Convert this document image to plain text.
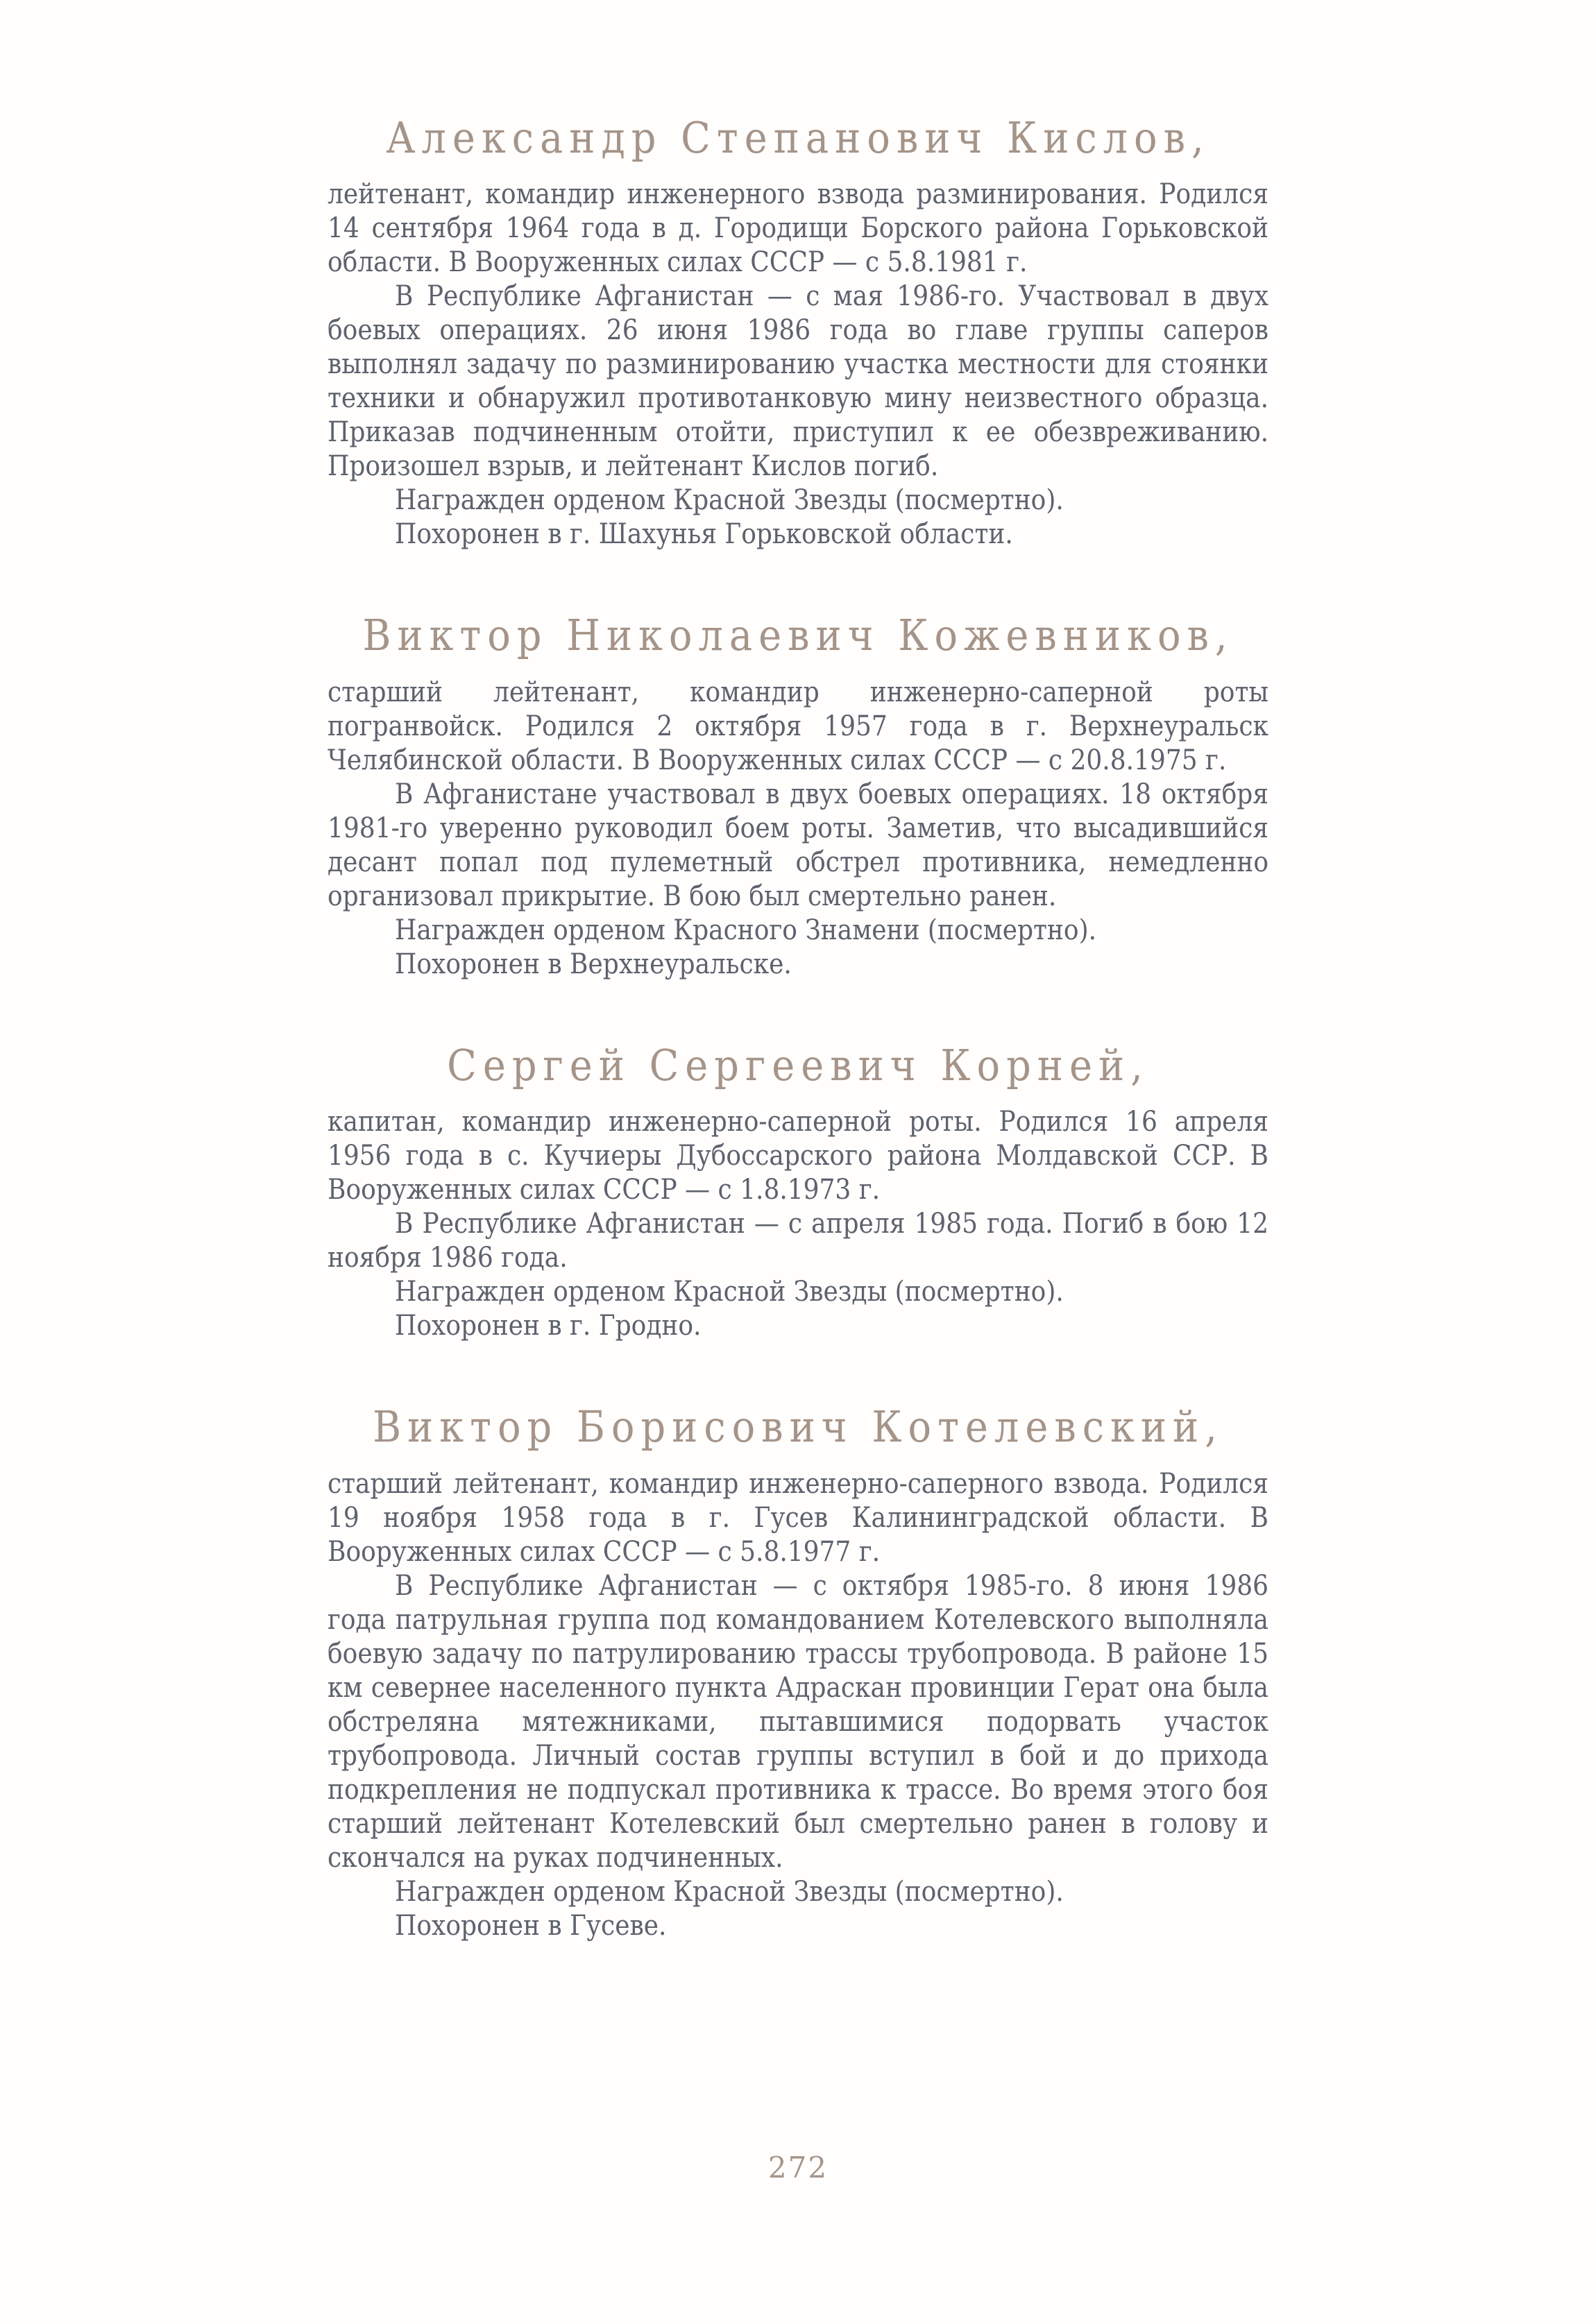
Александр Степанович Кислов,

лейтенант, командир инженерного взвода разминирования. Родился 14 сентября 1964 года в д. Городищи Борского района Горьковской области. В Вооруженных силах СССР — с 5.8.1981 г.

В Республике Афганистан — с мая 1986-го. Участвовал в двух боевых операциях. 26 июня 1986 года во главе группы саперов выполнял задачу по разминированию участка местности для стоянки техники и обнаружил противотанковую мину неизвестного образца. Приказав подчиненным отойти, приступил к ее обезвреживанию. Произошел взрыв, и лейтенант Кислов погиб.

Награжден орденом Красной Звезды (посмертно).

Похоронен в г. Шахунья Горьковской области.

Виктор Николаевич Кожевников,

старший лейтенант, командир инженерно-саперной роты погранвойск. Родился 2 октября 1957 года в г. Верхнеуральск Челябинской области. В Вооруженных силах СССР — с 20.8.1975 г.

В Афганистане участвовал в двух боевых операциях. 18 октября 1981-го уверенно руководил боем роты. Заметив, что высадившийся десант попал под пулеметный обстрел противника, немедленно организовал прикрытие. В бою был смертельно ранен.

Награжден орденом Красного Знамени (посмертно).

Похоронен в Верхнеуральске.

Сергей Сергеевич Корней,

капитан, командир инженерно-саперной роты. Родился 16 апреля 1956 года в с. Кучиеры Дубоссарского района Молдавской ССР. В Вооруженных силах СССР — с 1.8.1973 г.

В Республике Афганистан — с апреля 1985 года. Погиб в бою 12 ноября 1986 года.

Награжден орденом Красной Звезды (посмертно).

Похоронен в г. Гродно.

Виктор Борисович Котелевский,

старший лейтенант, командир инженерно-саперного взвода. Родился 19 ноября 1958 года в г. Гусев Калининградской области. В Вооруженных силах СССР — с 5.8.1977 г.

В Республике Афганистан — с октября 1985-го. 8 июня 1986 года патрульная группа под командованием Котелевского выполняла боевую задачу по патрулированию трассы трубопровода. В районе 15 км севернее населенного пункта Адраскан провинции Герат она была обстреляна мятежниками, пытавшимися подорвать участок трубопровода. Личный состав группы вступил в бой и до прихода подкрепления не подпускал противника к трассе. Во время этого боя старший лейтенант Котелевский был смертельно ранен в голову и скончался на руках подчиненных.

Награжден орденом Красной Звезды (посмертно).

Похоронен в Гусеве.

272
